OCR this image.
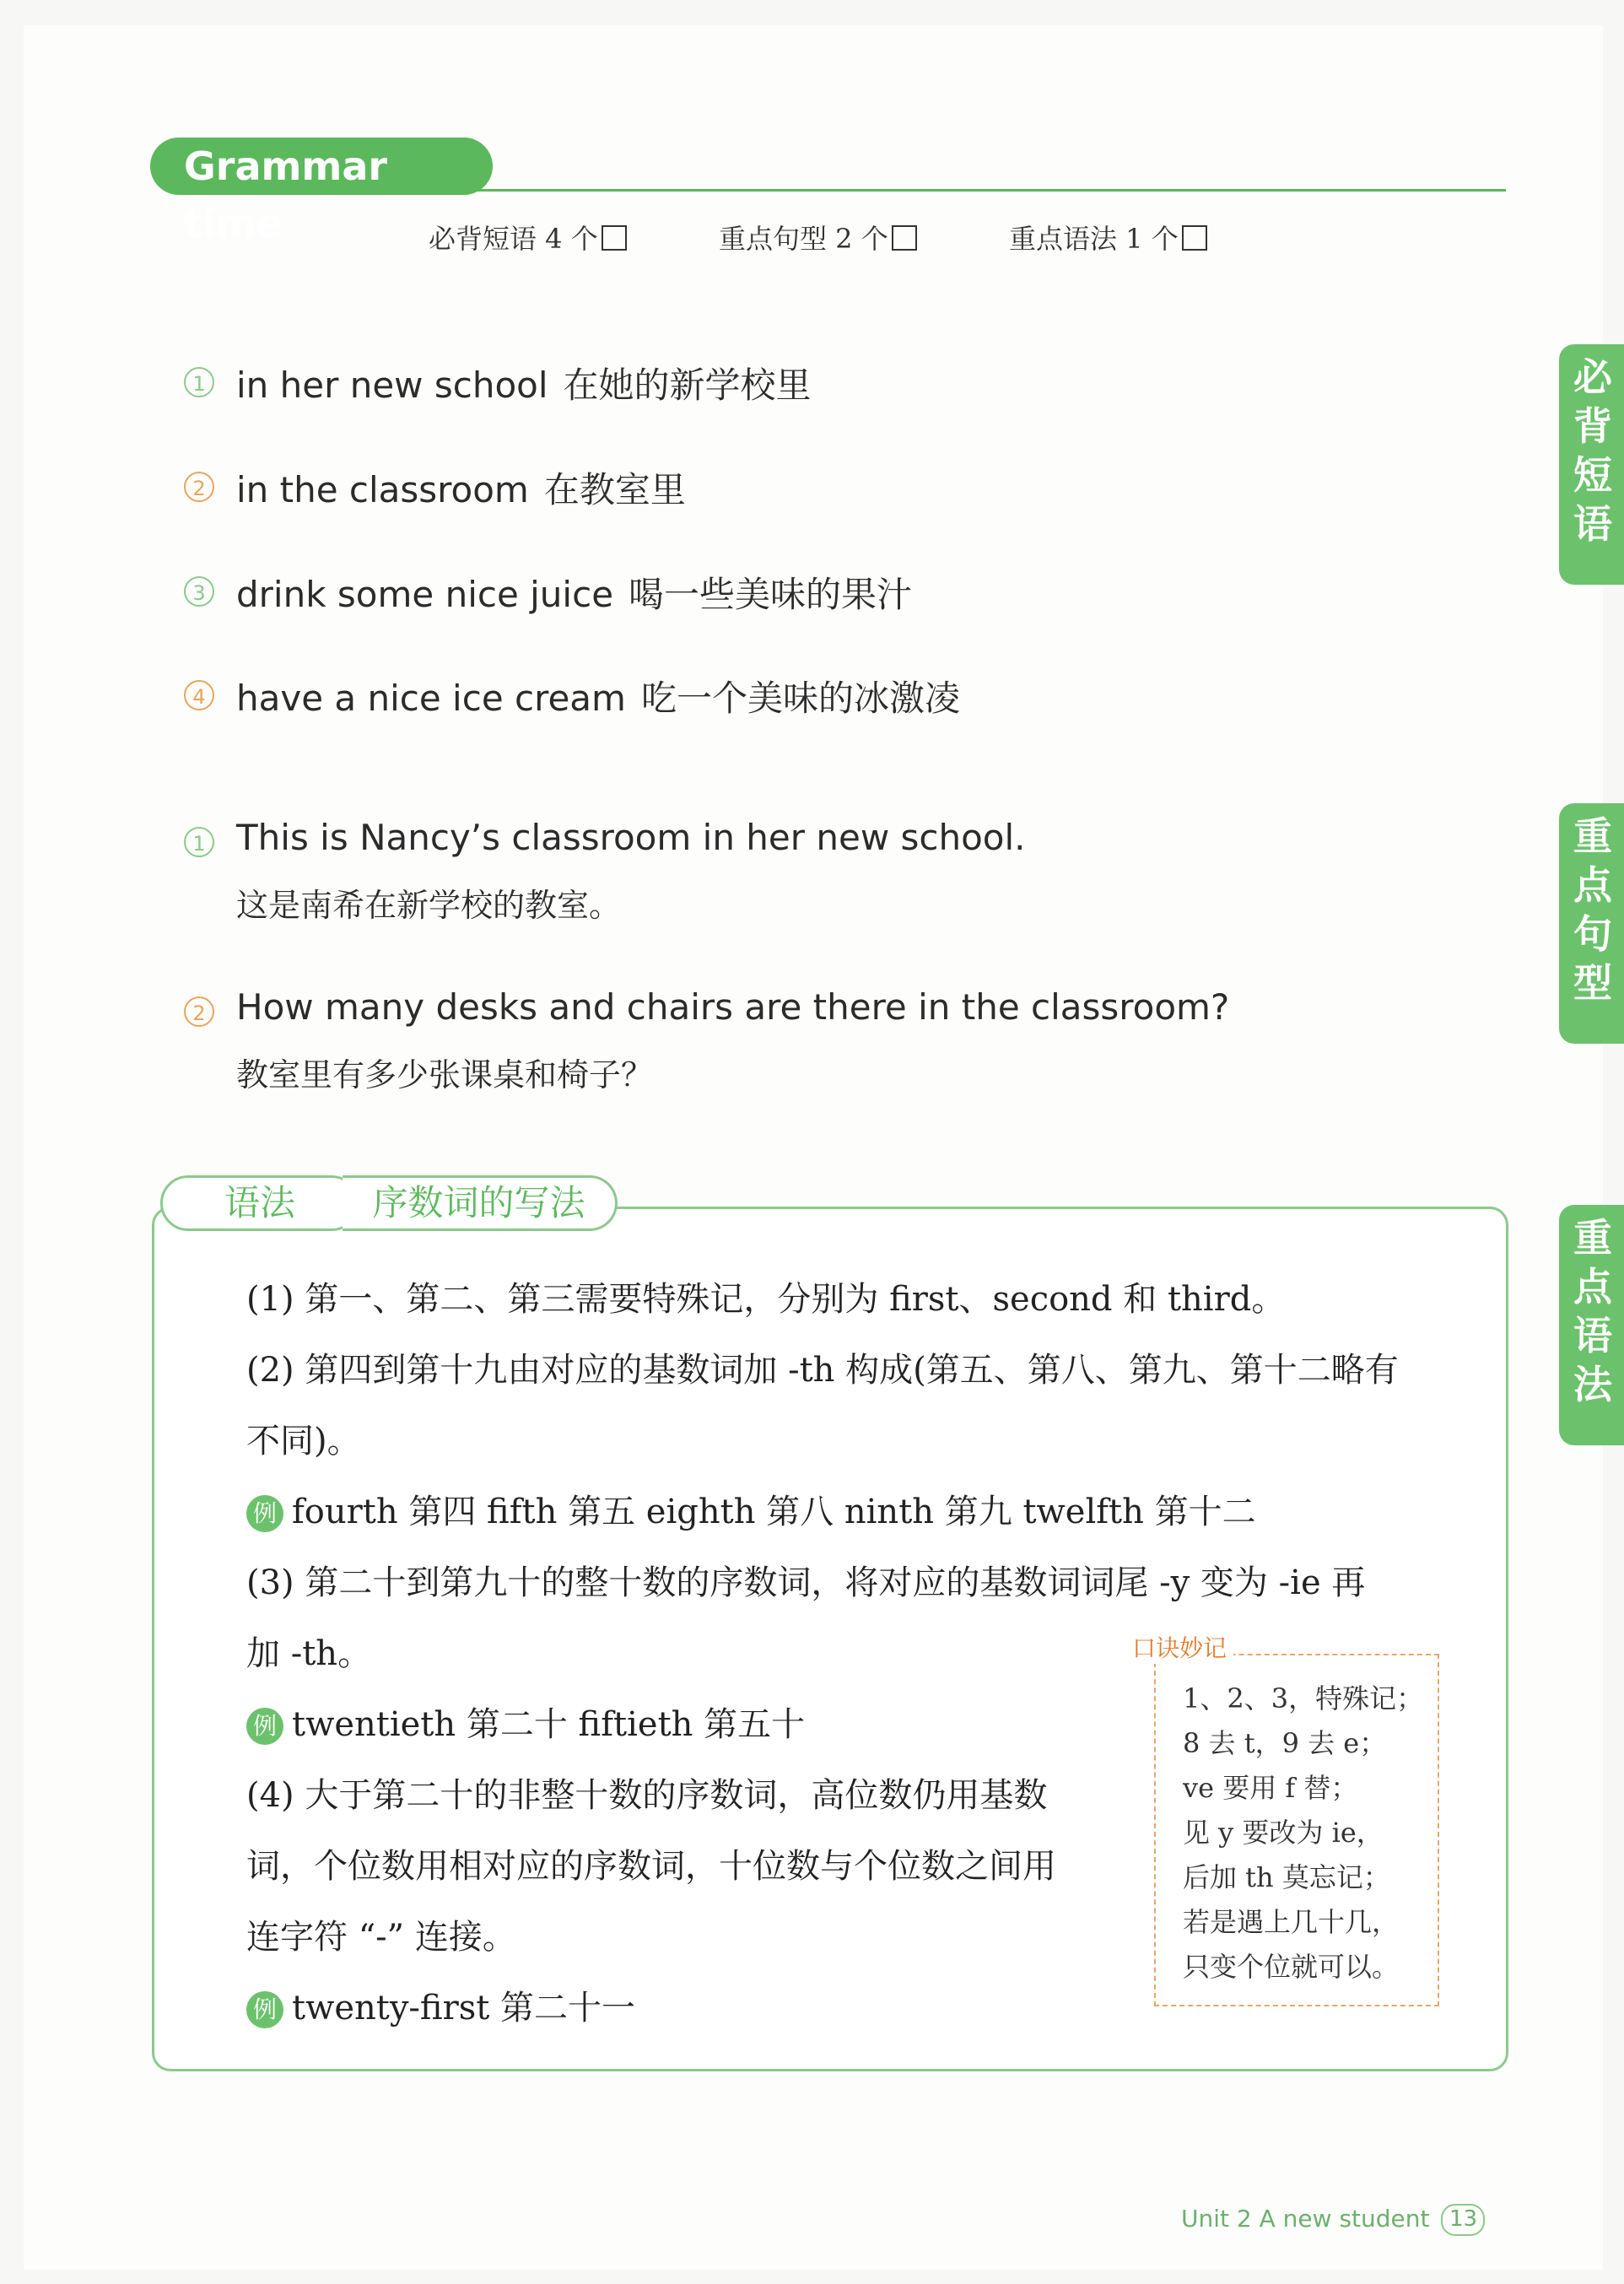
Grammar time	必背短语 4 个	重点句型 2 个	重点语法 1 个
必背短语
重点句型
重点语法
1 in her new school 在她的新学校里
2 in the classroom 在教室里
3 drink some nice juice 喝一些美味的果汁
4 have a nice ice cream 吃一个美味的冰激凌
1 This is Nancy’s classroom in her new school.
这是南希在新学校的教室。
2 How many desks and chairs are there in the classroom?
教室里有多少张课桌和椅子？
语法	序数词的写法
(1) 第一、第二、第三需要特殊记，分别为 first、second 和 third。
(2) 第四到第十九由对应的基数词加 -th 构成(第五、第八、第九、第十二略有
不同)。
例 fourth 第四 fifth 第五 eighth 第八 ninth 第九 twelfth 第十二
(3) 第二十到第九十的整十数的序数词，将对应的基数词词尾 -y 变为 -ie 再
加 -th。
例 twentieth 第二十 fiftieth 第五十
(4) 大于第二十的非整十数的序数词，高位数仍用基数
词，个位数用相对应的序数词，十位数与个位数之间用
连字符 “-” 连接。
例 twenty-first 第二十一
口诀妙记
1、2、3，特殊记；
8 去 t，9 去 e；
ve 要用 f 替；
见 y 要改为 ie，
后加 th 莫忘记；
若是遇上几十几，
只变个位就可以。
Unit 2 A new student 13
